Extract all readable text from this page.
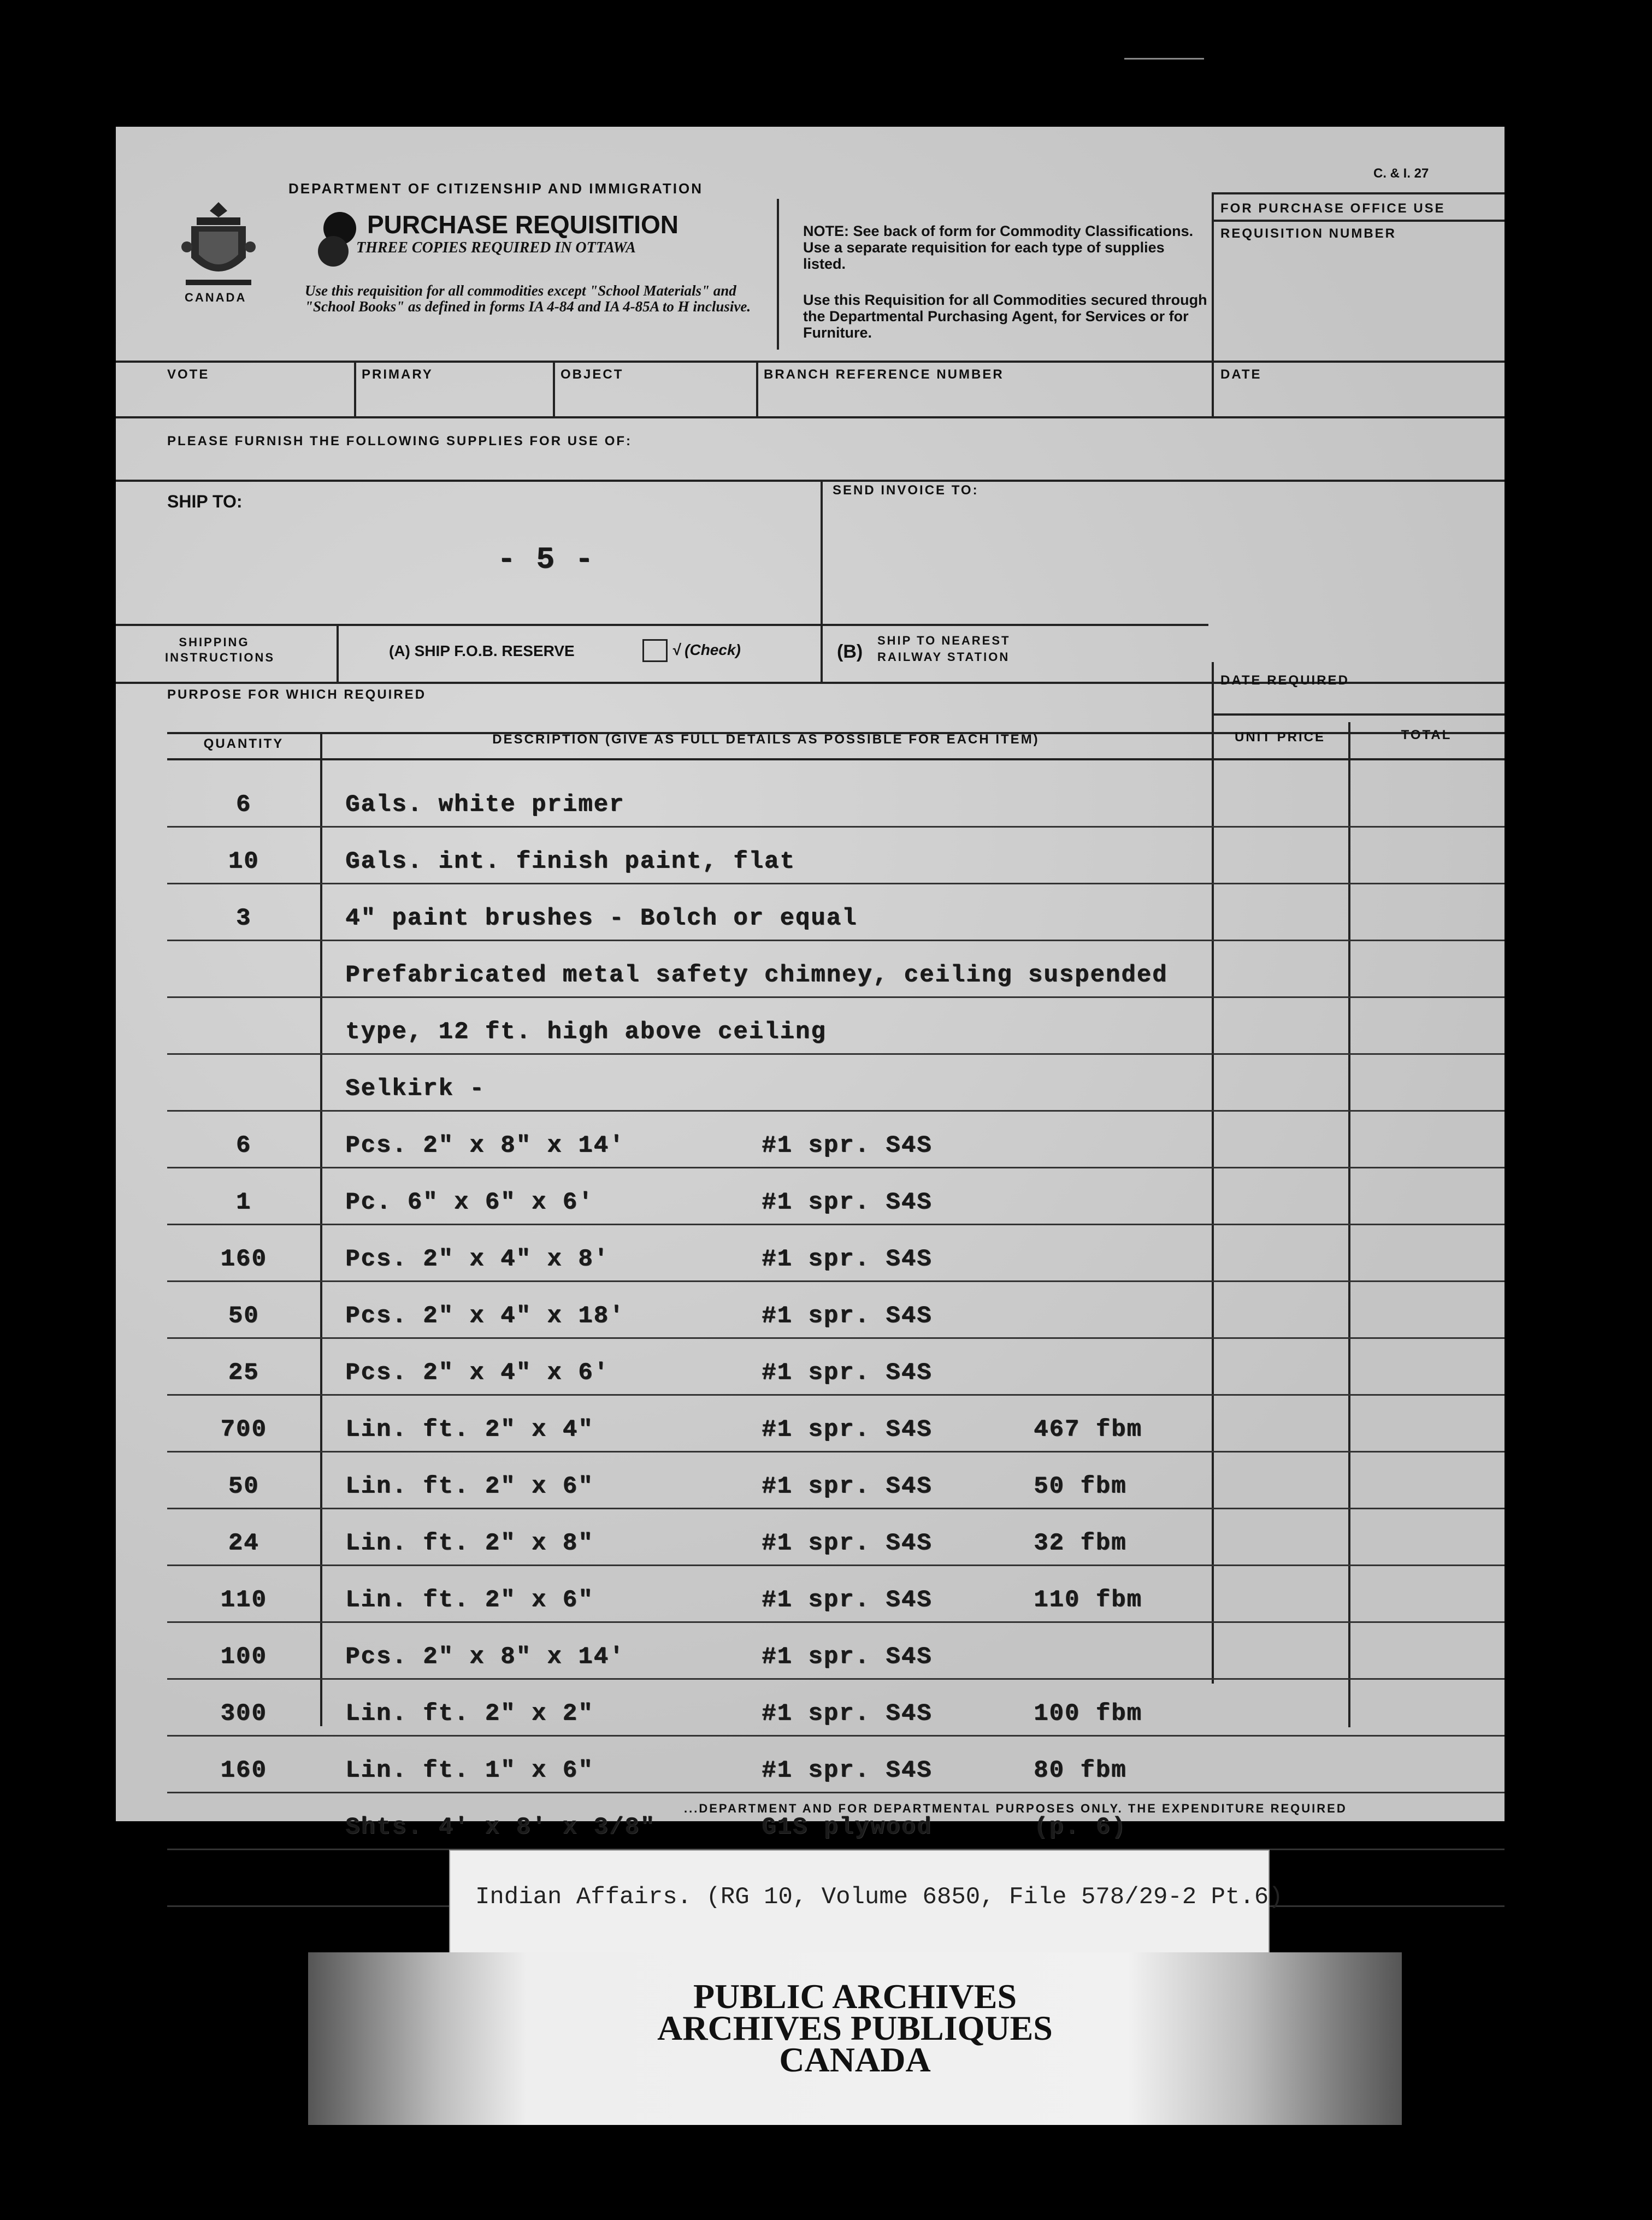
CANADA
DEPARTMENT OF CITIZENSHIP AND IMMIGRATION
PURCHASE REQUISITION
THREE COPIES REQUIRED IN OTTAWA
Use this requisition for all commodities except "School Materials" and "School Books" as defined in forms IA 4-84 and IA 4-85A to H inclusive.
NOTE: See back of form for Commodity Classifications. Use a separate requisition for each type of supplies listed.
Use this Requisition for all Commodities secured through the Departmental Purchasing Agent, for Services or for Furniture.
C. & I. 27
FOR PURCHASE OFFICE USE
REQUISITION NUMBER
VOTE	PRIMARY	OBJECT	BRANCH REFERENCE NUMBER	DATE
PLEASE FURNISH THE FOLLOWING SUPPLIES FOR USE OF:
SHIP TO:
- 5 -
SEND INVOICE TO:
SHIPPING INSTRUCTIONS	(A) SHIP F.O.B. RESERVE	√ (Check)	(B)
SHIP TO NEAREST RAILWAY STATION
PURPOSE FOR WHICH REQUIRED
DATE REQUIRED
QUANTITY	DESCRIPTION (GIVE AS FULL DETAILS AS POSSIBLE FOR EACH ITEM)	UNIT PRICE	TOTAL
6	Gals. white primer
10	Gals. int. finish paint, flat
3	4" paint brushes - Bolch or equal
Prefabricated metal safety chimney, ceiling suspended
type, 12 ft. high above ceiling
Selkirk -
6	Pcs. 2" x 8" x 14'	#1 spr. S4S
1	Pc. 6" x 6" x 6'	#1 spr. S4S
160	Pcs. 2" x 4" x 8'	#1 spr. S4S
50	Pcs. 2" x 4" x 18'	#1 spr. S4S
25	Pcs. 2" x 4" x 6'	#1 spr. S4S
700	Lin. ft. 2" x 4"	#1 spr. S4S	467 fbm
50	Lin. ft. 2" x 6"	#1 spr. S4S	50 fbm
24	Lin. ft. 2" x 8"	#1 spr. S4S	32 fbm
110	Lin. ft. 2" x 6"	#1 spr. S4S	110 fbm
100	Pcs. 2" x 8" x 14'	#1 spr. S4S
300	Lin. ft. 2" x 2"	#1 spr. S4S	100 fbm
160	Lin. ft. 1" x 6"	#1 spr. S4S	80 fbm
Shts. 4' x 8' x 3/8"	G1S plywood	(p. 6)
...DEPARTMENT AND FOR DEPARTMENTAL PURPOSES ONLY. THE EXPENDITURE REQUIRED
Indian Affairs. (RG 10, Volume 6850, File 578/29-2 Pt.6)
PUBLIC ARCHIVES
ARCHIVES PUBLIQUES
CANADA
